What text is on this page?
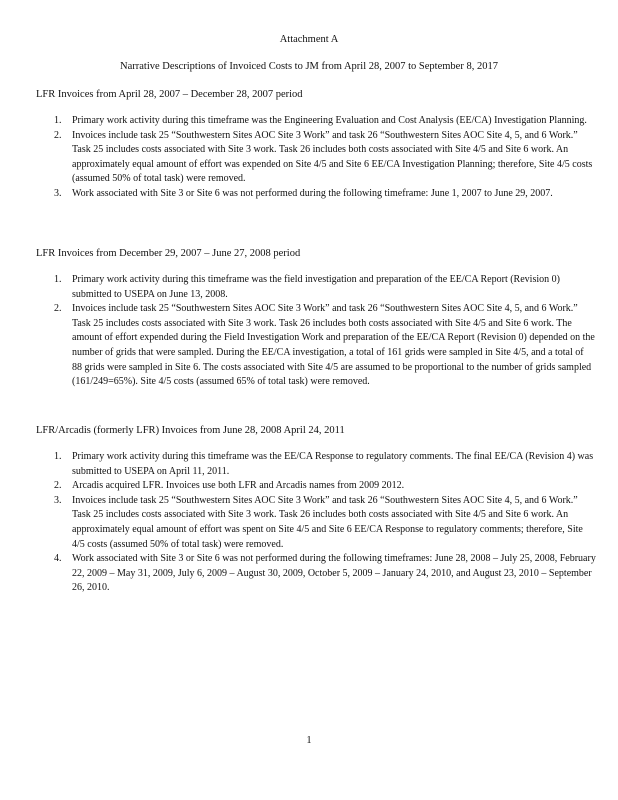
Attachment A
Narrative Descriptions of Invoiced Costs to JM from April 28, 2007 to September 8, 2017

LFR Invoices from April 28, 2007 – December 28, 2007 period

1. Primary work activity during this timeframe was the Engineering Evaluation and Cost Analysis (EE/CA) Investigation Planning.
2. Invoices include task 25 “Southwestern Sites AOC Site 3 Work” and task 26 “Southwestern Sites AOC Site 4, 5, and 6 Work.” Task 25 includes costs associated with Site 3 work. Task 26 includes both costs associated with Site 4/5 and Site 6 work. An approximately equal amount of effort was expended on Site 4/5 and Site 6 EE/CA Investigation Planning; therefore, Site 4/5 costs (assumed 50% of total task) were removed.
3. Work associated with Site 3 or Site 6 was not performed during the following timeframe: June 1, 2007 to June 29, 2007.

LFR Invoices from December 29, 2007 – June 27, 2008 period

1. Primary work activity during this timeframe was the field investigation and preparation of the EE/CA Report (Revision 0) submitted to USEPA on June 13, 2008.
2. Invoices include task 25 “Southwestern Sites AOC Site 3 Work” and task 26 “Southwestern Sites AOC Site 4, 5, and 6 Work.” Task 25 includes costs associated with Site 3 work. Task 26 includes both costs associated with Site 4/5 and Site 6 work. The amount of effort expended during the Field Investigation Work and preparation of the EE/CA Report (Revision 0) depended on the number of grids that were sampled. During the EE/CA investigation, a total of 161 grids were sampled in Site 4/5, and a total of 88 grids were sampled in Site 6. The costs associated with Site 4/5 are assumed to be proportional to the number of grids sampled (161/249=65%). Site 4/5 costs (assumed 65% of total task) were removed.

LFR/Arcadis (formerly LFR) Invoices from June 28, 2008 April 24, 2011

1. Primary work activity during this timeframe was the EE/CA Response to regulatory comments. The final EE/CA (Revision 4) was submitted to USEPA on April 11, 2011.
2. Arcadis acquired LFR. Invoices use both LFR and Arcadis names from 2009 2012.
3. Invoices include task 25 “Southwestern Sites AOC Site 3 Work” and task 26 “Southwestern Sites AOC Site 4, 5, and 6 Work.” Task 25 includes costs associated with Site 3 work. Task 26 includes both costs associated with Site 4/5 and Site 6 work. An approximately equal amount of effort was spent on Site 4/5 and Site 6 EE/CA Response to regulatory comments; therefore, Site 4/5 costs (assumed 50% of total task) were removed.
4. Work associated with Site 3 or Site 6 was not performed during the following timeframes: June 28, 2008 – July 25, 2008, February 22, 2009 – May 31, 2009, July 6, 2009 – August 30, 2009, October 5, 2009 – January 24, 2010, and August 23, 2010 – September 26, 2010.
1
